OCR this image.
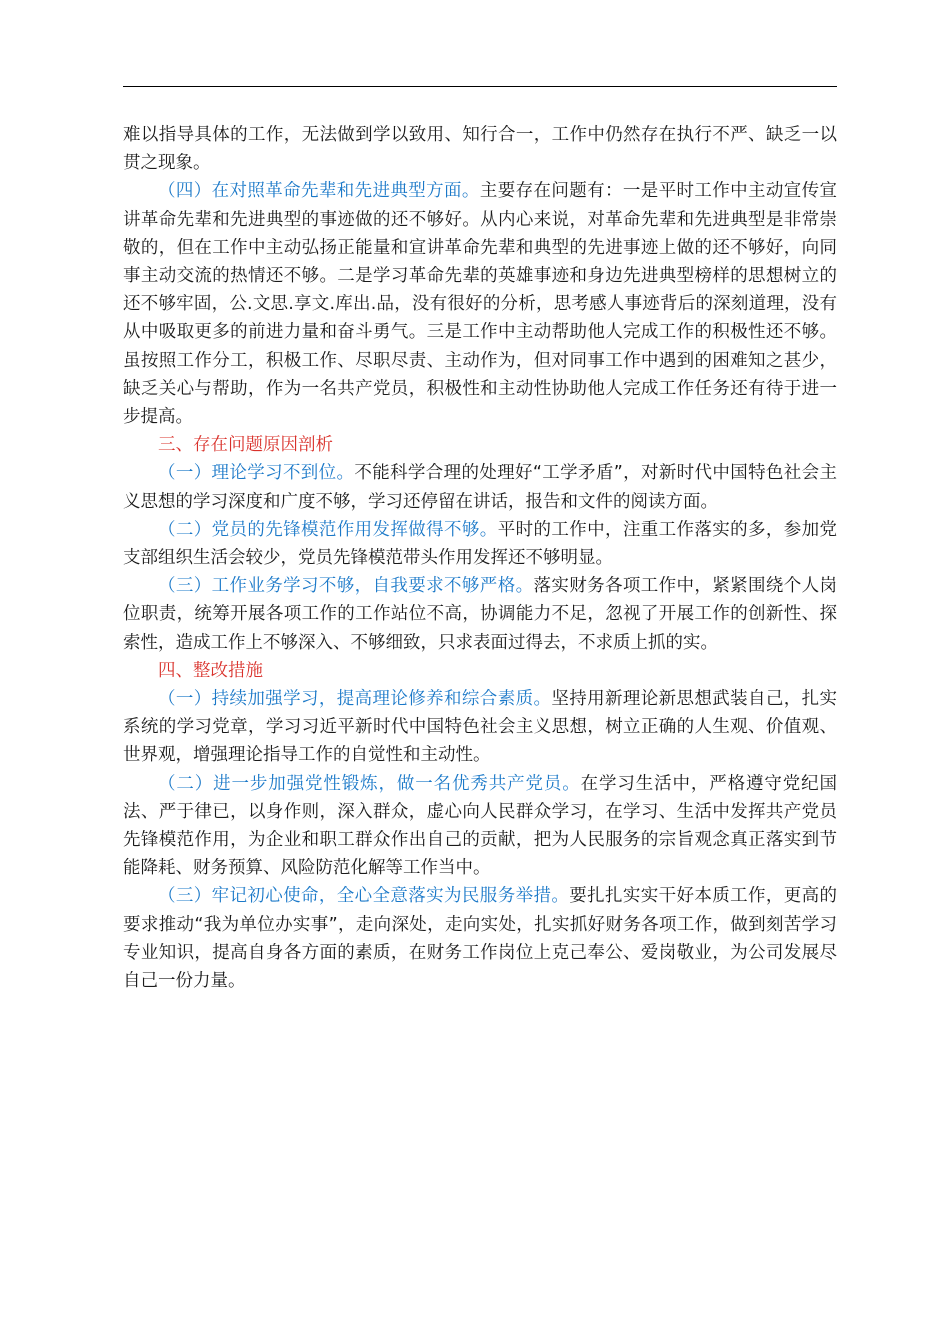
难以指导具体的工作，无法做到学以致用、知行合一，工作中仍然存在执行不严、缺乏一以贯之现象。

（四）在对照革命先辈和先进典型方面。主要存在问题有：一是平时工作中主动宣传宣讲革命先辈和先进典型的事迹做的还不够好。从内心来说，对革命先辈和先进典型是非常崇敬的，但在工作中主动弘扬正能量和宣讲革命先辈和典型的先进事迹上做的还不够好，向同事主动交流的热情还不够。二是学习革命先辈的英雄事迹和身边先进典型榜样的思想树立的还不够牢固，公.文思.享文.库出.品，没有很好的分析，思考感人事迹背后的深刻道理，没有从中吸取更多的前进力量和奋斗勇气。三是工作中主动帮助他人完成工作的积极性还不够。虽按照工作分工，积极工作、尽职尽责、主动作为，但对同事工作中遇到的困难知之甚少，缺乏关心与帮助，作为一名共产党员，积极性和主动性协助他人完成工作任务还有待于进一步提高。

三、存在问题原因剖析

（一）理论学习不到位。不能科学合理的处理好“工学矛盾”，对新时代中国特色社会主义思想的学习深度和广度不够，学习还停留在讲话，报告和文件的阅读方面。

（二）党员的先锋模范作用发挥做得不够。平时的工作中，注重工作落实的多，参加党支部组织生活会较少，党员先锋模范带头作用发挥还不够明显。

（三）工作业务学习不够，自我要求不够严格。落实财务各项工作中，紧紧围绕个人岗位职责，统筹开展各项工作的工作站位不高，协调能力不足，忽视了开展工作的创新性、探索性，造成工作上不够深入、不够细致，只求表面过得去，不求质上抓的实。

四、整改措施

（一）持续加强学习，提高理论修养和综合素质。坚持用新理论新思想武装自己，扎实系统的学习党章，学习习近平新时代中国特色社会主义思想，树立正确的人生观、价值观、世界观，增强理论指导工作的自觉性和主动性。

（二）进一步加强党性锻炼，做一名优秀共产党员。在学习生活中，严格遵守党纪国法、严于律已，以身作则，深入群众，虚心向人民群众学习，在学习、生活中发挥共产党员先锋模范作用，为企业和职工群众作出自己的贡献，把为人民服务的宗旨观念真正落实到节能降耗、财务预算、风险防范化解等工作当中。

（三）牢记初心使命，全心全意落实为民服务举措。要扎扎实实干好本质工作，更高的要求推动“我为单位办实事”，走向深处，走向实处，扎实抓好财务各项工作，做到刻苦学习专业知识，提高自身各方面的素质，在财务工作岗位上克己奉公、爱岗敬业，为公司发展尽自己一份力量。
